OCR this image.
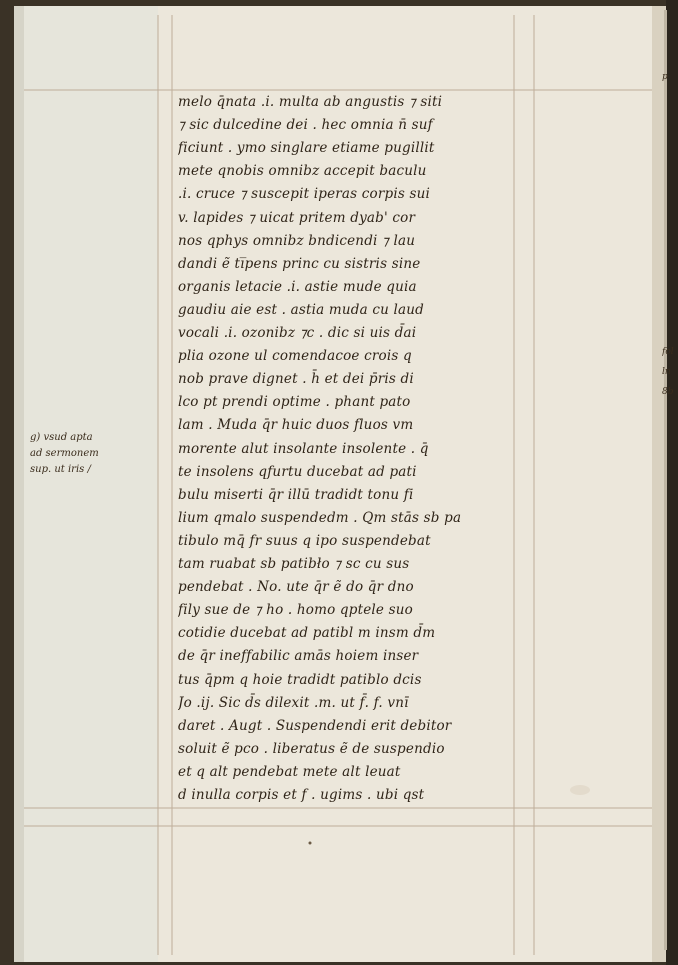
melo q̄nata .i. multa ab angustis ⁊ siti
⁊ sic dulcedine dei . hec omnia n̄ suf
ficiunt . ymo singlare etiame pugillit
mete qnobis omnibz accepit baculu
.i. cruce ⁊ suscepit iperas corpis sui
v. lapides ⁊ uicat pritem dyab' cor
nos qphys omnibz bndicendi ⁊ lau
dandi ẽ ti̅pens princ cu sistris sine
organis letacie .i. astie mude quia
gaudiu aie est . astia muda cu laud
vocali .i. ozonibz ⁊c . dic si uis d̄ai
plia ozone ul comendacoe crois q
nob prave dignet . h̄ et dei p̄ris di
lco pt prendi optime . phant pato
lam . Muda q̄r huic duos fluos vm
morente alut insolante insolente . q̄
te insolens qfurtu ducebat ad pati
bulu miserti q̄r illū tradidt tonu fi
lium qmalo suspendedm . Qm stās sb pa
tibulo mq̄ fr suus q ipo suspendebat
tam ruabat sb patibło ⁊ sc cu sus
pendebat . No. ute q̄r ẽ do q̄r dno
fily sue de ⁊ ho . homo qptele suo
cotidie ducebat ad patibl m insm d̄m
de q̄r ineffabilic amās hoiem inser
tus q̄pm q hoie tradidt patiblo dcis
Jo .ij. Sic d̄s dilexit .m. ut f̄. f. vnī
daret . Augt . Suspendendi erit debitor
soluit ẽ pco . liberatus ẽ de suspendio
et q alt pendebat mete alt leuat
d inulla corpis et f . ugims . ubi qst
g) vsud apta
ad sermonem
sup. ut iris /
p
fol
ln
8b
